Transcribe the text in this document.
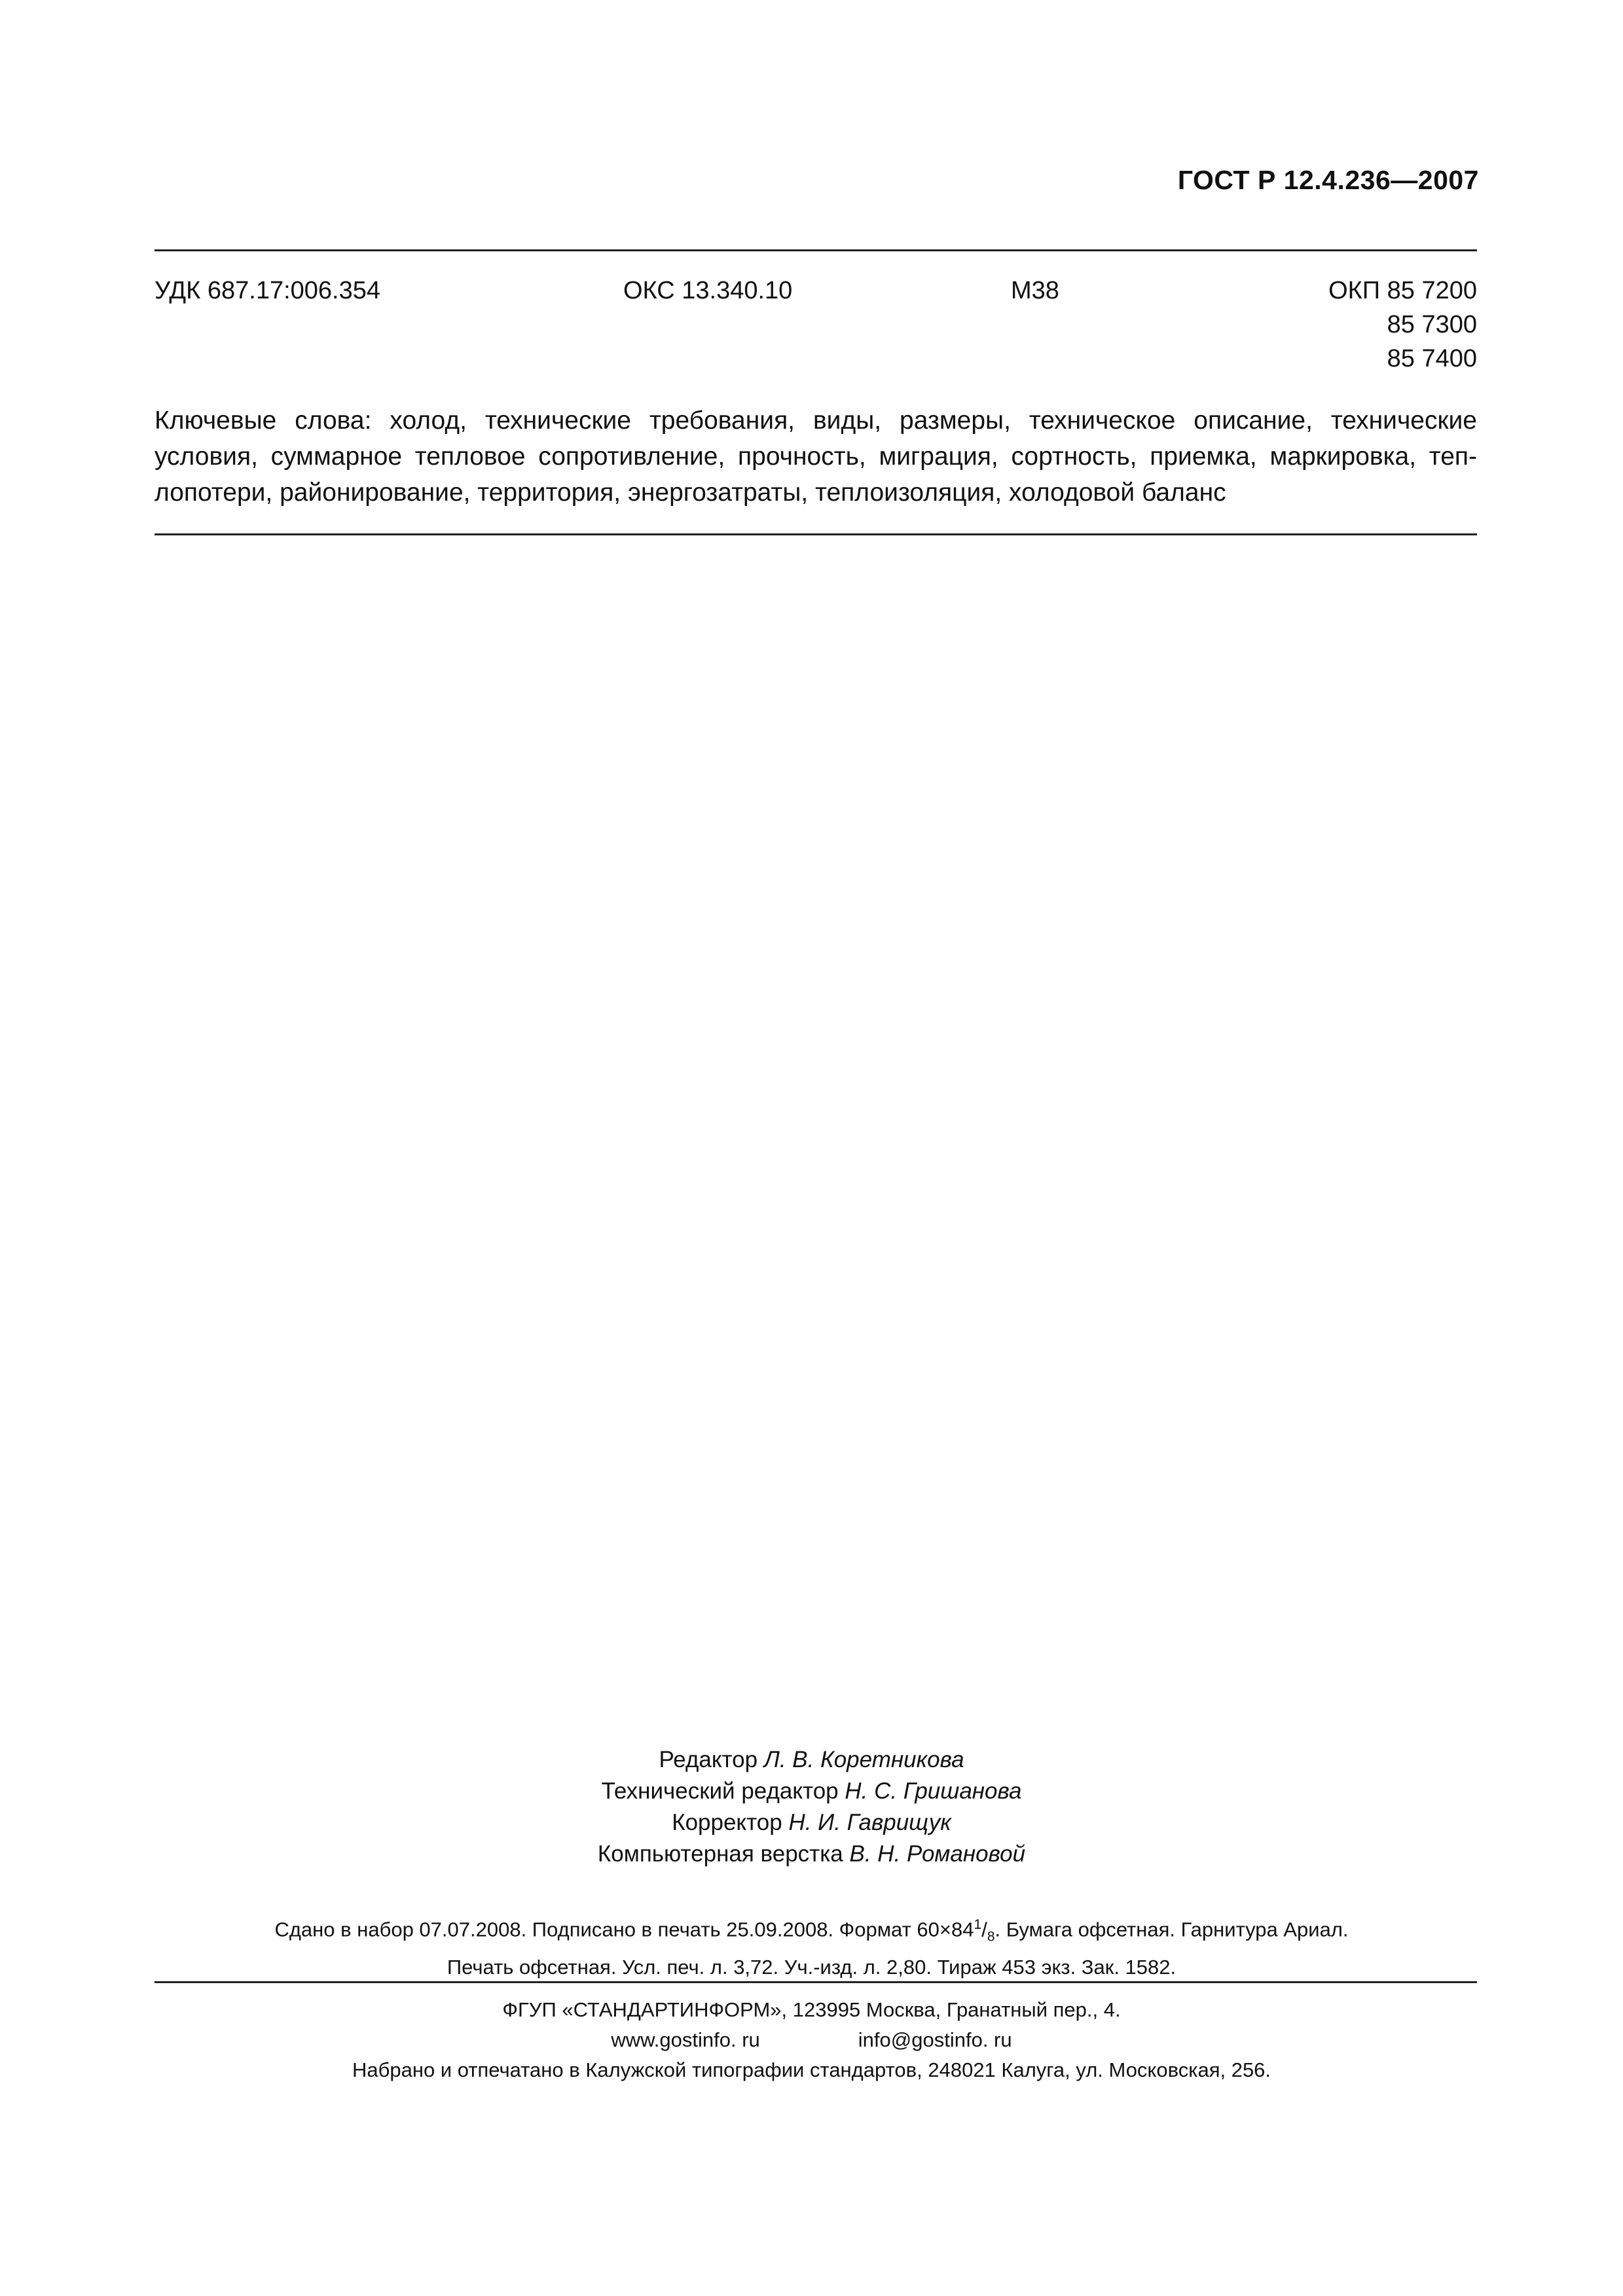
ГОСТ Р 12.4.236—2007
УДК 687.17:006.354	ОКС 13.340.10	М38	ОКП 85 7200
85 7300
85 7400
Ключевые слова: холод, технические требования, виды, размеры, техническое описание, технические условия, суммарное тепловое сопротивление, прочность, миграция, сортность, приемка, маркировка, теп-лопотери, районирование, территория, энергозатраты, теплоизоляция, холодовой баланс
Редактор Л. В. Коретникова
Технический редактор Н. С. Гришанова
Корректор Н. И. Гаврищук
Компьютерная верстка В. Н. Романовой
Сдано в набор 07.07.2008. Подписано в печать 25.09.2008. Формат $60\times 84^1/_8$. Бумага офсетная. Гарнитура Ариал.
Печать офсетная. Усл. печ. л. 3,72. Уч.-изд. л. 2,80. Тираж 453 экз. Зак. 1582.
ФГУП «СТАНДАРТИНФОРМ», 123995 Москва, Гранатный пер., 4.
www.gostinfo. ru	info@gostinfo. ru
Набрано и отпечатано в Калужской типографии стандартов, 248021 Калуга, ул. Московская, 256.
